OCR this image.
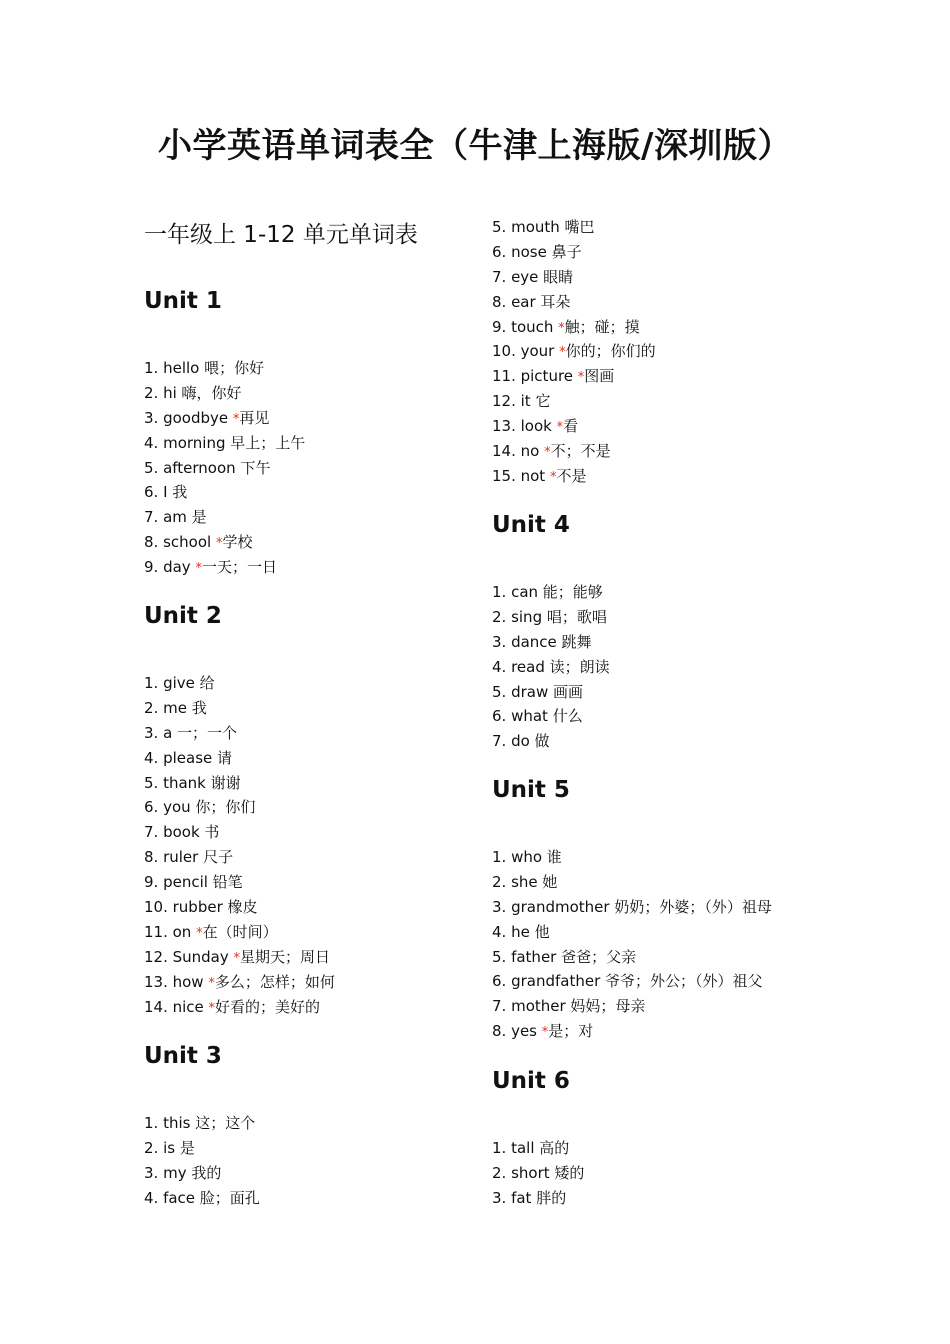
小学英语单词表全（牛津上海版/深圳版）
一年级上 1-12 单元单词表
Unit 1
1. hello 喂；你好
2. hi 嗨，你好
3. goodbye *再见
4. morning 早上；上午
5. afternoon 下午
6. I 我
7. am 是
8. school *学校
9. day *一天；一日
Unit 2
1. give 给
2. me 我
3. a 一；一个
4. please 请
5. thank 谢谢
6. you 你；你们
7. book 书
8. ruler 尺子
9. pencil 铅笔
10. rubber 橡皮
11. on *在（时间）
12. Sunday *星期天；周日
13. how *多么；怎样；如何
14. nice *好看的；美好的
Unit 3
1. this 这；这个
2. is 是
3. my 我的
4. face 脸；面孔
5. mouth 嘴巴
6. nose 鼻子
7. eye 眼睛
8. ear 耳朵
9. touch *触；碰；摸
10. your *你的；你们的
11. picture *图画
12. it 它
13. look *看
14. no *不；不是
15. not *不是
Unit 4
1. can 能；能够
2. sing 唱；歌唱
3. dance 跳舞
4. read 读；朗读
5. draw 画画
6. what 什么
7. do 做
Unit 5
1. who 谁
2. she 她
3. grandmother 奶奶；外婆；（外）祖母
4. he 他
5. father 爸爸；父亲
6. grandfather 爷爷；外公；（外）祖父
7. mother 妈妈；母亲
8. yes *是；对
Unit 6
1. tall 高的
2. short 矮的
3. fat 胖的
